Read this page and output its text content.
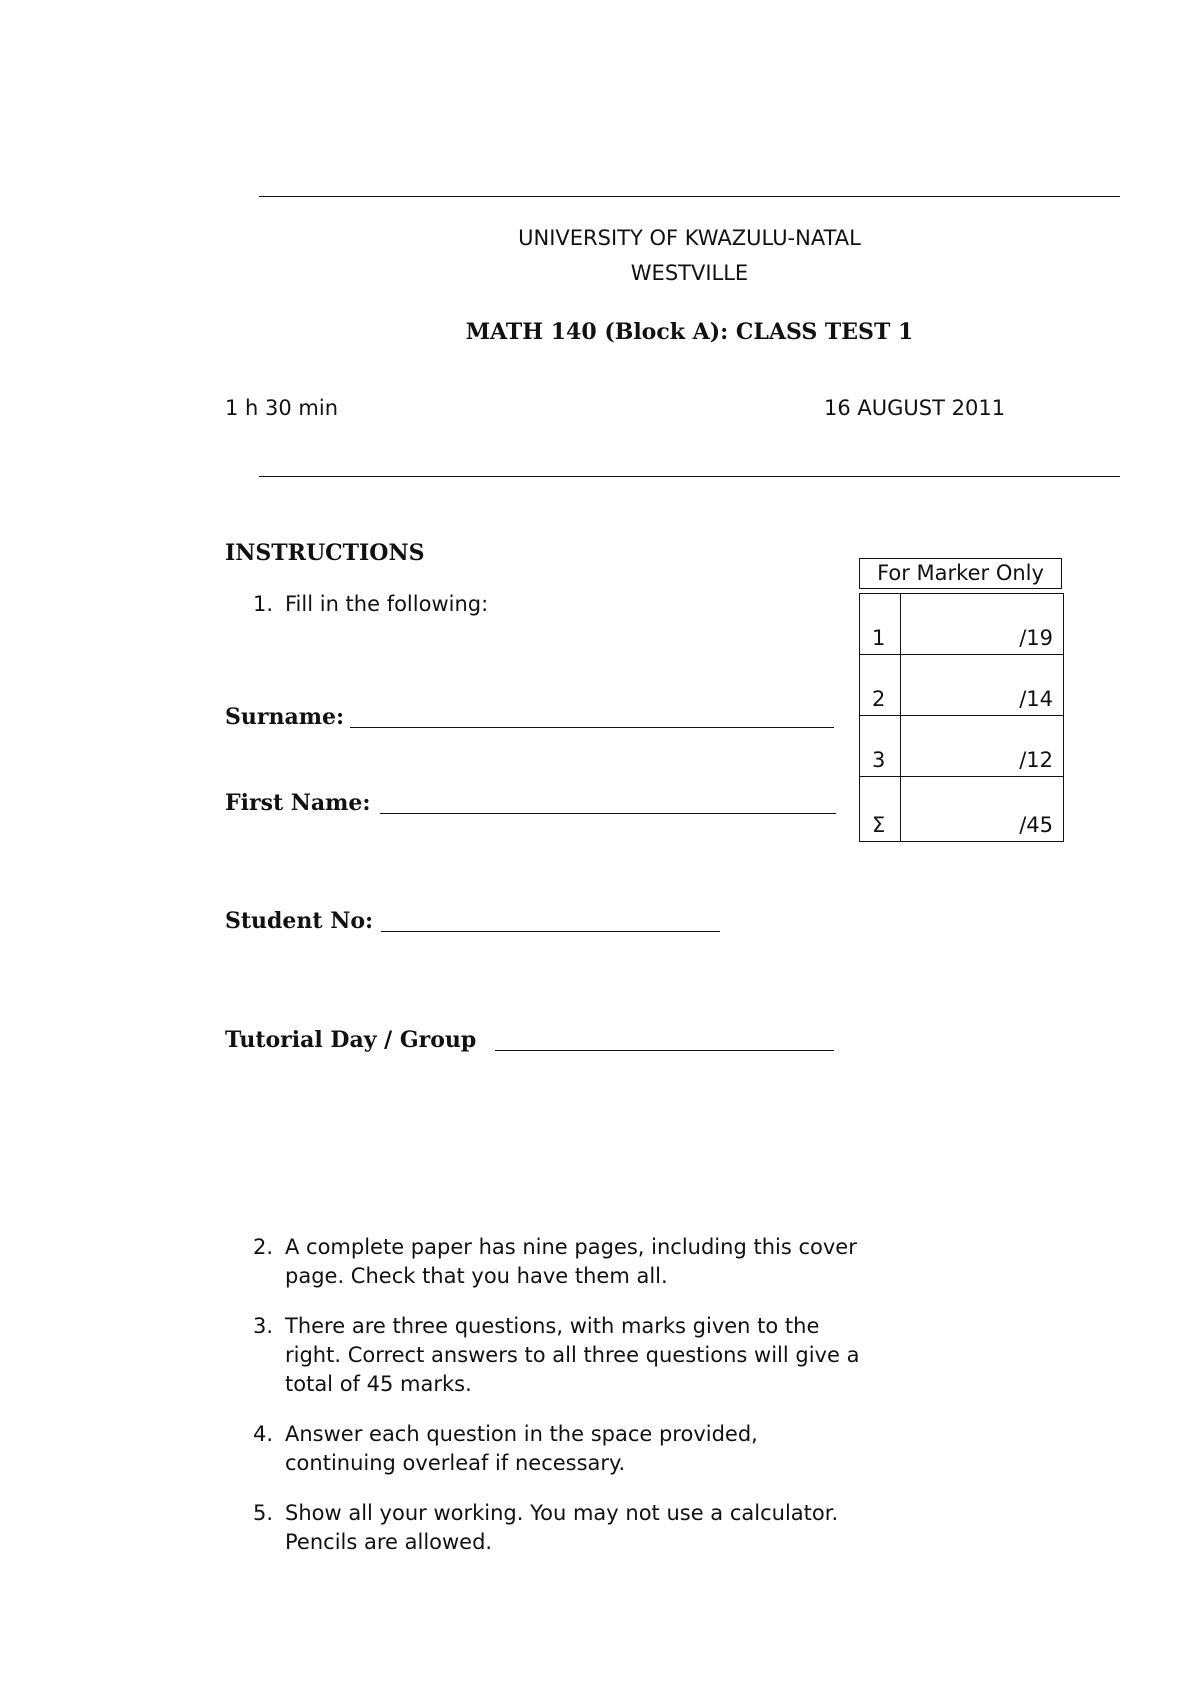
UNIVERSITY OF KWAZULU-NATAL
WESTVILLE
MATH 140 (Block A): CLASS TEST 1
1 h 30 min	16 AUGUST 2011
INSTRUCTIONS
1. Fill in the following:
Surname:
First Name:
Student No:
Tutorial Day / Group
2. A complete paper has nine pages, including this cover page. Check that you have them all.
3. There are three questions, with marks given to the right. Correct answers to all three questions will give a total of 45 marks.
4. Answer each question in the space provided, continuing overleaf if necessary.
5. Show all your working. You may not use a calculator. Pencils are allowed.
For Marker Only
1	/19
2	/14
3	/12
Σ	/45
